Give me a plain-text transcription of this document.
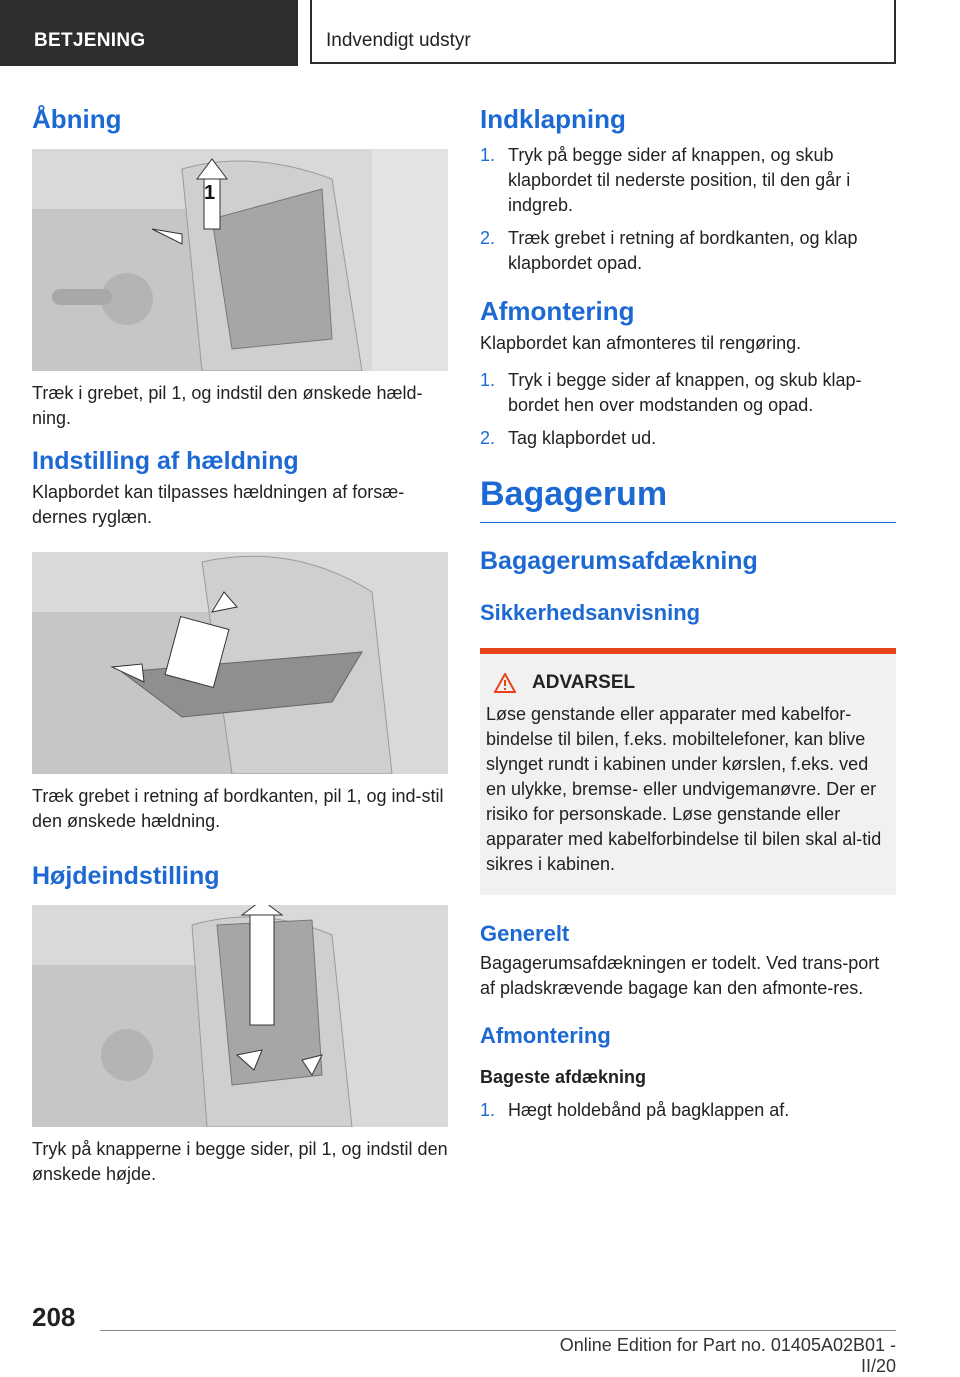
BETJENING	Indvendigt udstyr
Åbning
1

Træk i grebet, pil 1, og indstil den ønskede hæld-ning.

Indstilling af hældning

Klapbordet kan tilpasses hældningen af forsæ-dernes ryglæn.

Træk grebet i retning af bordkanten, pil 1, og ind-stil den ønskede hældning.

Højdeindstilling

Tryk på knapperne i begge sider, pil 1, og indstil den ønskede højde.

Indklapning
1. Tryk på begge sider af knappen, og skub klapbordet til nederste position, til den går i indgreb.
2. Træk grebet i retning af bordkanten, og klap klapbordet opad.
Afmontering

Klapbordet kan afmonteres til rengøring.

1. Tryk i begge sider af knappen, og skub klap-bordet hen over modstanden og opad.
2. Tag klapbordet ud.
Bagagerum
Bagagerumsafdækning
Sikkerhedsanvisning
ADVARSEL

Løse genstande eller apparater med kabelfor-bindelse til bilen, f.eks. mobiltelefoner, kan blive slynget rundt i kabinen under kørslen, f.eks. ved en ulykke, bremse- eller undvigemanøvre. Der er risiko for personskade. Løse genstande eller apparater med kabelforbindelse til bilen skal al-tid sikres i kabinen.

Generelt

Bagagerumsafdækningen er todelt. Ved trans-port af pladskrævende bagage kan den afmonte-res.

Afmontering

Bageste afdækning

1. Hægt holdebånd på bagklappen af.
208
Online Edition for Part no. 01405A02B01 - II/20
